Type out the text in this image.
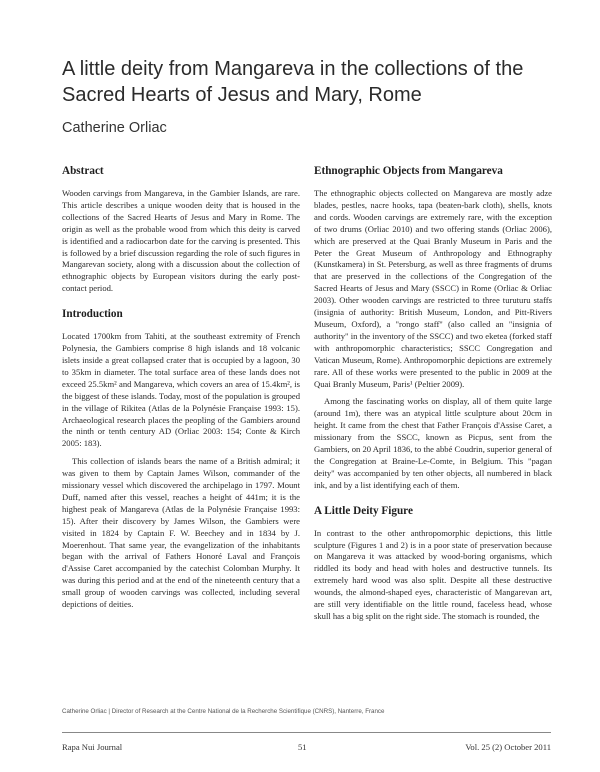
A little deity from Mangareva in the collections of the Sacred Hearts of Jesus and Mary, Rome
Catherine Orliac
Abstract

Wooden carvings from Mangareva, in the Gambier Islands, are rare. This article describes a unique wooden deity that is housed in the collections of the Sacred Hearts of Jesus and Mary in Rome. The origin as well as the probable wood from which this deity is carved is identified and a radiocarbon date for the carving is presented. This is followed by a brief discussion regarding the role of such figures in Mangarevan society, along with a discussion about the collection of ethnographic objects by European visitors during the early post-contact period.

Introduction

Located 1700km from Tahiti, at the southeast extremity of French Polynesia, the Gambiers comprise 8 high islands and 18 volcanic islets inside a great collapsed crater that is occupied by a lagoon, 30 to 35km in diameter. The total surface area of these lands does not exceed 25.5km² and Mangareva, which covers an area of 15.4km², is the biggest of these islands. Today, most of the population is grouped in the village of Rikitea (Atlas de la Polynésie Française 1993: 15). Archaeological research places the peopling of the Gambiers around the ninth or tenth century AD (Orliac 2003: 154; Conte & Kirch 2005: 183).

This collection of islands bears the name of a British admiral; it was given to them by Captain James Wilson, commander of the missionary vessel which discovered the archipelago in 1797. Mount Duff, named after this vessel, reaches a height of 441m; it is the highest peak of Mangareva (Atlas de la Polynésie Française 1993: 15). After their discovery by James Wilson, the Gambiers were visited in 1824 by Captain F. W. Beechey and in 1834 by J. Moerenhout. That same year, the evangelization of the inhabitants began with the arrival of Fathers Honoré Laval and François d'Assise Caret accompanied by the catechist Colomban Murphy. It was during this period and at the end of the nineteenth century that a small group of wooden carvings was collected, including several depictions of deities.

Ethnographic Objects from Mangareva

The ethnographic objects collected on Mangareva are mostly adze blades, pestles, nacre hooks, tapa (beaten-bark cloth), shells, knots and cords. Wooden carvings are extremely rare, with the exception of two drums (Orliac 2010) and two offering stands (Orliac 2006), which are preserved at the Quai Branly Museum in Paris and the Peter the Great Museum of Anthropology and Ethnography (Kunstkamera) in St. Petersburg, as well as three fragments of drums that are preserved in the collections of the Congregation of the Sacred Hearts of Jesus and Mary (SSCC) in Rome (Orliac & Orliac 2003). Other wooden carvings are restricted to three turuturu staffs (insignia of authority: British Museum, London, and Pitt-Rivers Museum, Oxford), a "rongo staff" (also called an "insignia of authority" in the inventory of the SSCC) and two eketea (forked staff with anthropomorphic characteristics; SSCC Congregation and Vatican Museum, Rome). Anthropomorphic depictions are extremely rare. All of these works were presented to the public in 2009 at the Quai Branly Museum, Paris¹ (Peltier 2009).

Among the fascinating works on display, all of them quite large (around 1m), there was an atypical little sculpture about 20cm in height. It came from the chest that Father François d'Assise Caret, a missionary from the SSCC, known as Picpus, sent from the Gambiers, on 20 April 1836, to the abbé Coudrin, superior general of the Congregation at Braine-Le-Comte, in Belgium. This "pagan deity" was accompanied by ten other objects, all numbered in black ink, and by a list identifying each of them.

A Little Deity Figure

In contrast to the other anthropomorphic depictions, this little sculpture (Figures 1 and 2) is in a poor state of preservation because on Mangareva it was attacked by wood-boring organisms, which riddled its body and head with holes and destructive tunnels. Its extremely hard wood was also split. Despite all these destructive wounds, the almond-shaped eyes, characteristic of Mangarevan art, are still very identifiable on the little round, faceless head, whose skull has a big split on the right side. The stomach is rounded, the

Catherine Orliac | Director of Research at the Centre National de la Recherche Scientifique (CNRS), Nanterre, France
Rapa Nui Journal	51	Vol. 25 (2) October 2011
